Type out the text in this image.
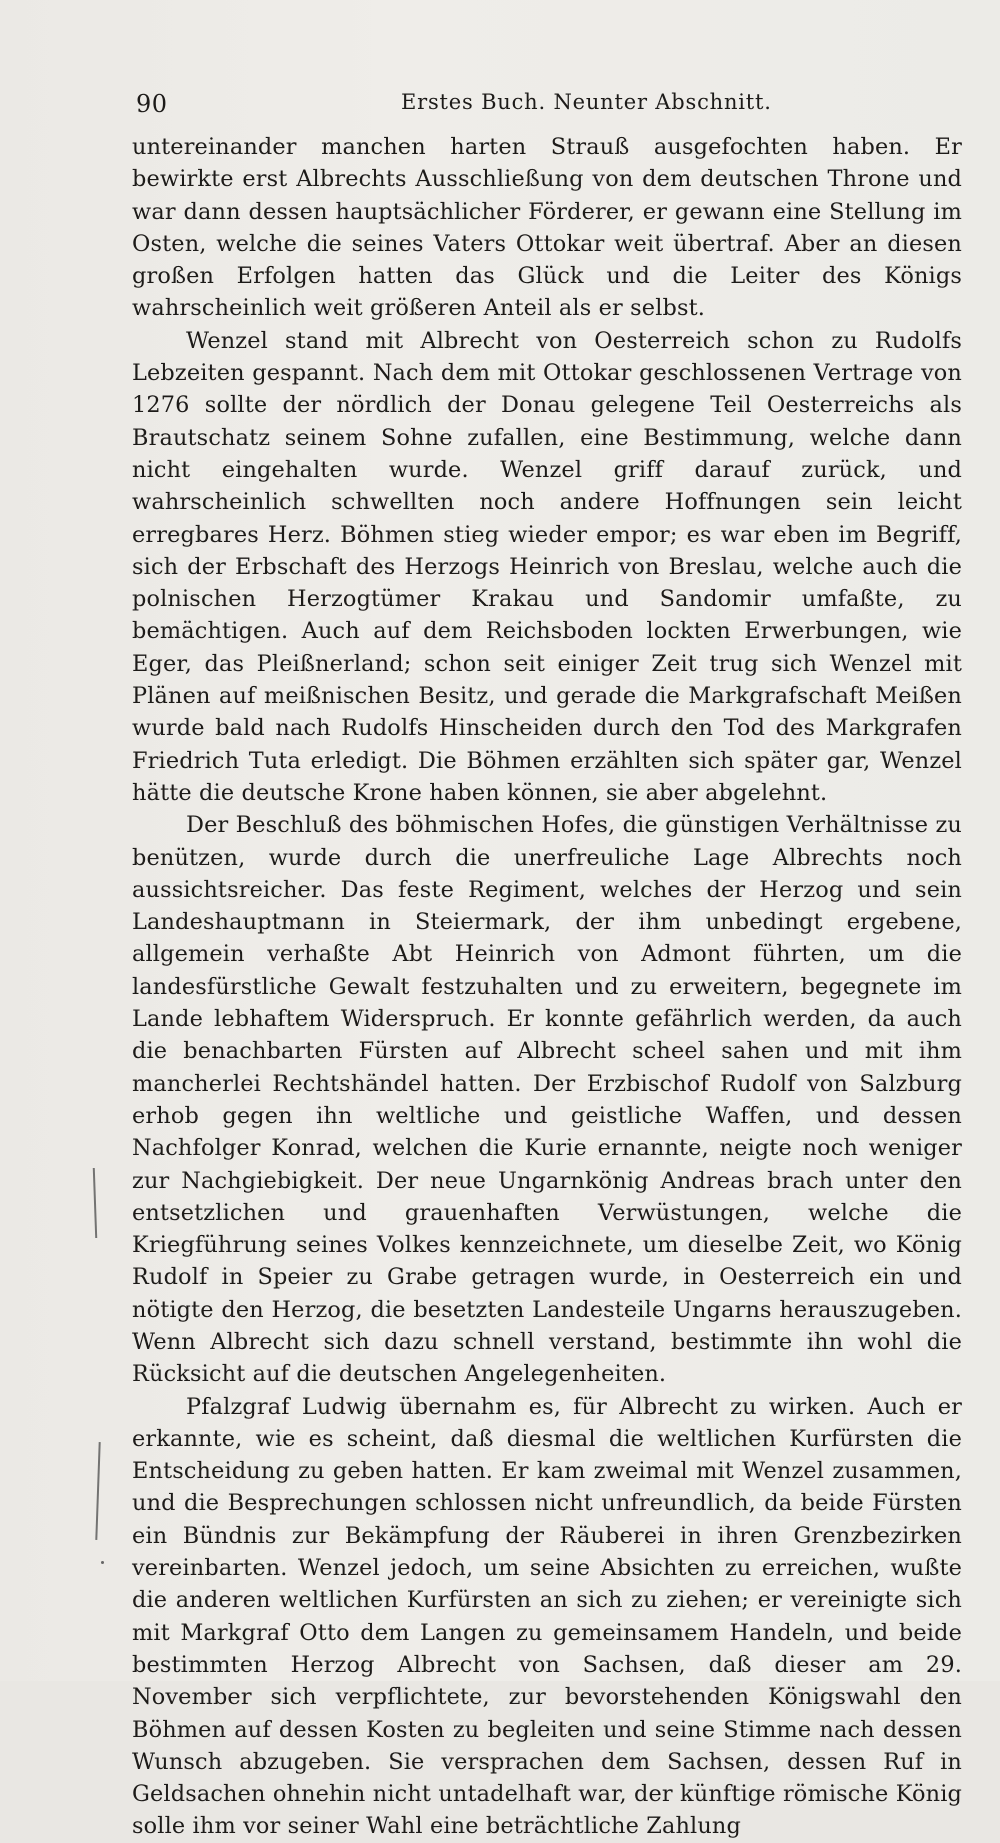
90	Erstes Buch. Neunter Abschnitt.

untereinander manchen harten Strauß ausgefochten haben. Er bewirkte erst Albrechts Ausschließung von dem deutschen Throne und war dann dessen hauptsächlicher Förderer, er gewann eine Stellung im Osten, welche die seines Vaters Ottokar weit übertraf. Aber an diesen großen Erfolgen hatten das Glück und die Leiter des Königs wahrscheinlich weit größeren Anteil als er selbst.

Wenzel stand mit Albrecht von Oesterreich schon zu Rudolfs Lebzeiten gespannt. Nach dem mit Ottokar geschlossenen Vertrage von 1276 sollte der nördlich der Donau gelegene Teil Oesterreichs als Brautschatz seinem Sohne zufallen, eine Bestimmung, welche dann nicht eingehalten wurde. Wenzel griff darauf zurück, und wahrscheinlich schwellten noch andere Hoffnungen sein leicht erregbares Herz. Böhmen stieg wieder empor; es war eben im Begriff, sich der Erbschaft des Herzogs Heinrich von Breslau, welche auch die polnischen Herzogtümer Krakau und Sandomir umfaßte, zu bemächtigen. Auch auf dem Reichsboden lockten Erwerbungen, wie Eger, das Pleißnerland; schon seit einiger Zeit trug sich Wenzel mit Plänen auf meißnischen Besitz, und gerade die Markgrafschaft Meißen wurde bald nach Rudolfs Hinscheiden durch den Tod des Markgrafen Friedrich Tuta erledigt. Die Böhmen erzählten sich später gar, Wenzel hätte die deutsche Krone haben können, sie aber abgelehnt.

Der Beschluß des böhmischen Hofes, die günstigen Verhältnisse zu benützen, wurde durch die unerfreuliche Lage Albrechts noch aussichtsreicher. Das feste Regiment, welches der Herzog und sein Landeshauptmann in Steiermark, der ihm unbedingt ergebene, allgemein verhaßte Abt Heinrich von Admont führten, um die landesfürstliche Gewalt festzuhalten und zu erweitern, begegnete im Lande lebhaftem Widerspruch. Er konnte gefährlich werden, da auch die benachbarten Fürsten auf Albrecht scheel sahen und mit ihm mancherlei Rechtshändel hatten. Der Erzbischof Rudolf von Salzburg erhob gegen ihn weltliche und geistliche Waffen, und dessen Nachfolger Konrad, welchen die Kurie ernannte, neigte noch weniger zur Nachgiebigkeit. Der neue Ungarnkönig Andreas brach unter den entsetzlichen und grauenhaften Verwüstungen, welche die Kriegführung seines Volkes kennzeichnete, um dieselbe Zeit, wo König Rudolf in Speier zu Grabe getragen wurde, in Oesterreich ein und nötigte den Herzog, die besetzten Landesteile Ungarns herauszugeben. Wenn Albrecht sich dazu schnell verstand, bestimmte ihn wohl die Rücksicht auf die deutschen Angelegenheiten.

Pfalzgraf Ludwig übernahm es, für Albrecht zu wirken. Auch er erkannte, wie es scheint, daß diesmal die weltlichen Kurfürsten die Entscheidung zu geben hatten. Er kam zweimal mit Wenzel zusammen, und die Besprechungen schlossen nicht unfreundlich, da beide Fürsten ein Bündnis zur Bekämpfung der Räuberei in ihren Grenzbezirken vereinbarten. Wenzel jedoch, um seine Absichten zu erreichen, wußte die anderen weltlichen Kurfürsten an sich zu ziehen; er vereinigte sich mit Markgraf Otto dem Langen zu gemeinsamem Handeln, und beide bestimmten Herzog Albrecht von Sachsen, daß dieser am 29. November sich verpflichtete, zur bevorstehenden Königswahl den Böhmen auf dessen Kosten zu begleiten und seine Stimme nach dessen Wunsch abzugeben. Sie versprachen dem Sachsen, dessen Ruf in Geldsachen ohnehin nicht untadelhaft war, der künftige römische König solle ihm vor seiner Wahl eine beträchtliche Zahlung
